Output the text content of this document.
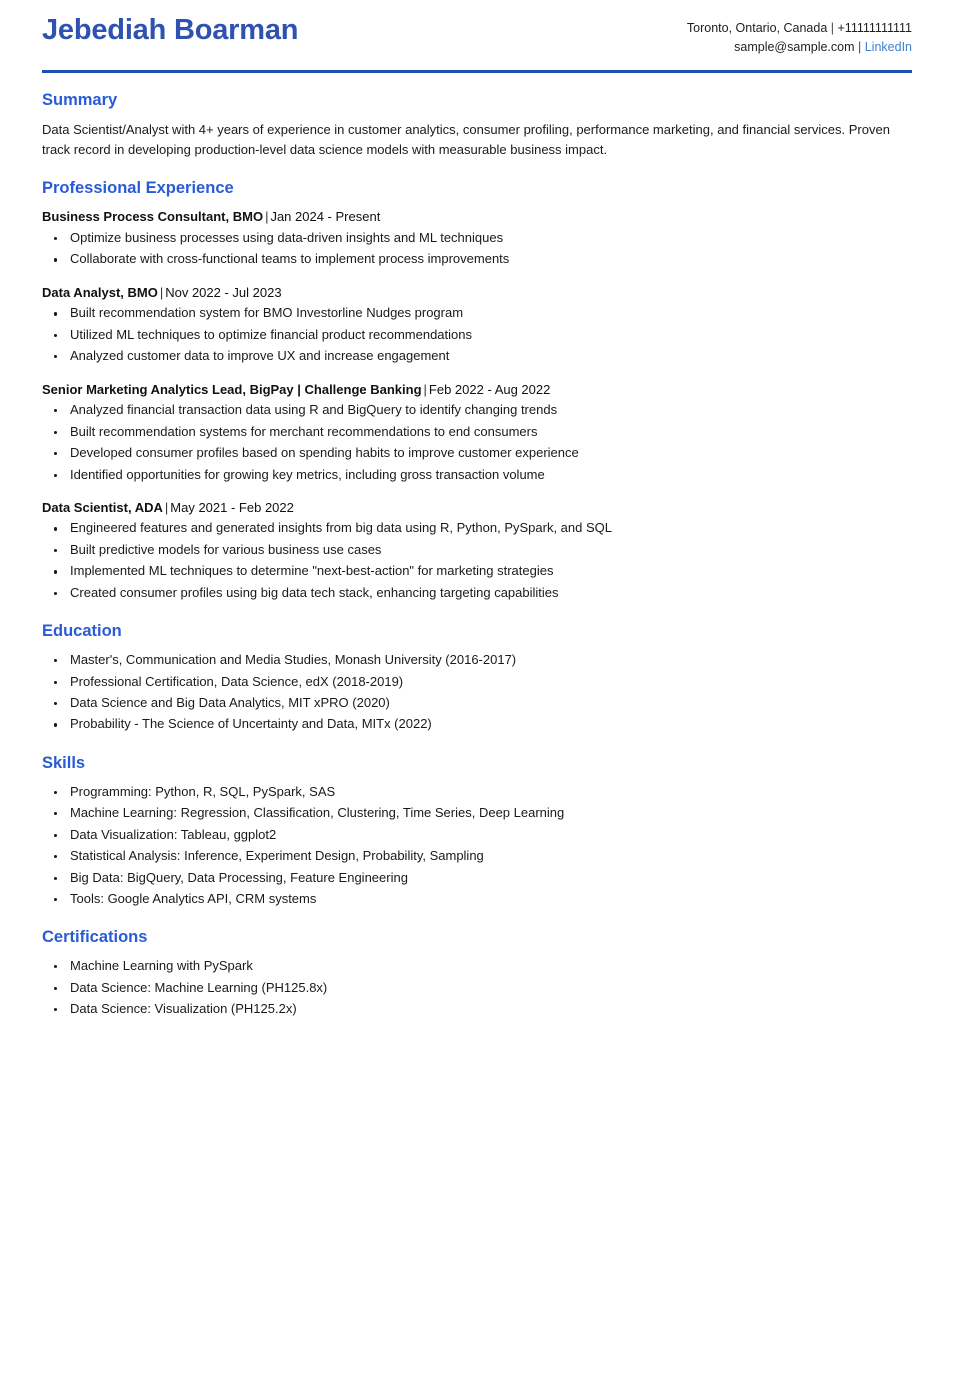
Jebediah Boarman	Toronto, Ontario, Canada | +11111111111
sample@sample.com | LinkedIn
Summary

Data Scientist/Analyst with 4+ years of experience in customer analytics, consumer profiling, performance marketing, and financial services. Proven track record in developing production-level data science models with measurable business impact.

Professional Experience

Business Process Consultant, BMO | Jan 2024 - Present

Optimize business processes using data-driven insights and ML techniques
Collaborate with cross-functional teams to implement process improvements

Data Analyst, BMO | Nov 2022 - Jul 2023

Built recommendation system for BMO Investorline Nudges program
Utilized ML techniques to optimize financial product recommendations
Analyzed customer data to improve UX and increase engagement

Senior Marketing Analytics Lead, BigPay | Challenge Banking | Feb 2022 - Aug 2022

Analyzed financial transaction data using R and BigQuery to identify changing trends
Built recommendation systems for merchant recommendations to end consumers
Developed consumer profiles based on spending habits to improve customer experience
Identified opportunities for growing key metrics, including gross transaction volume

Data Scientist, ADA | May 2021 - Feb 2022

Engineered features and generated insights from big data using R, Python, PySpark, and SQL
Built predictive models for various business use cases
Implemented ML techniques to determine "next-best-action" for marketing strategies
Created consumer profiles using big data tech stack, enhancing targeting capabilities
Education
Master's, Communication and Media Studies, Monash University (2016-2017)
Professional Certification, Data Science, edX (2018-2019)
Data Science and Big Data Analytics, MIT xPRO (2020)
Probability - The Science of Uncertainty and Data, MITx (2022)
Skills
Programming: Python, R, SQL, PySpark, SAS
Machine Learning: Regression, Classification, Clustering, Time Series, Deep Learning
Data Visualization: Tableau, ggplot2
Statistical Analysis: Inference, Experiment Design, Probability, Sampling
Big Data: BigQuery, Data Processing, Feature Engineering
Tools: Google Analytics API, CRM systems
Certifications
Machine Learning with PySpark
Data Science: Machine Learning (PH125.8x)
Data Science: Visualization (PH125.2x)
